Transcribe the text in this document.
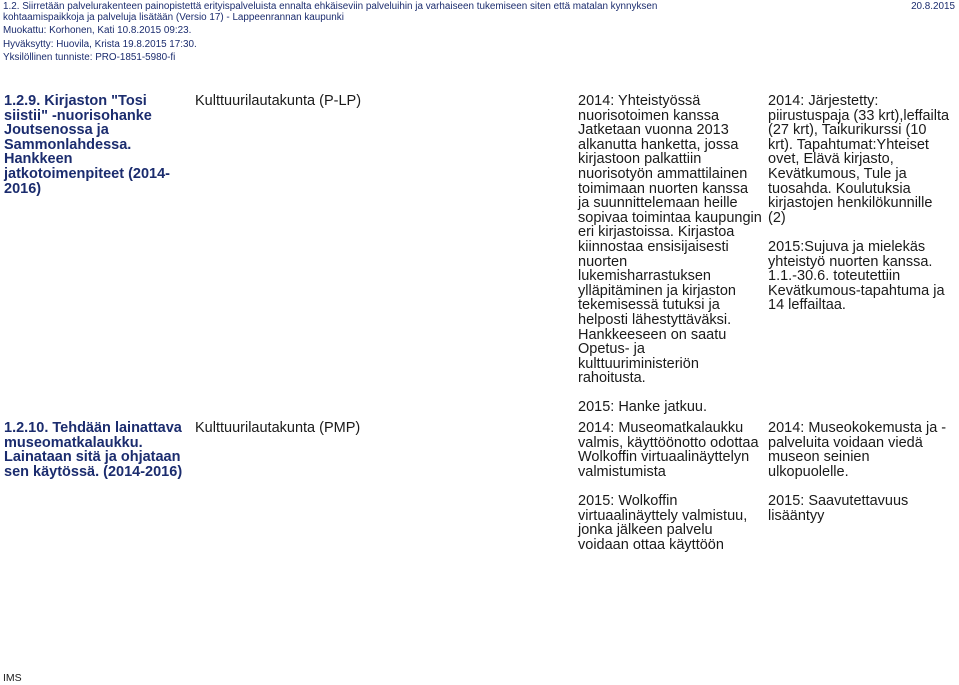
1.2. Siirretään palvelurakenteen painopistettä erityispalveluista ennalta ehkäiseviin palveluihin ja varhaiseen tukemiseen siten että matalan kynnyksen
kohtaamispaikkoja ja palveluja lisätään (Versio 17) - Lappeenrannan kaupunki
20.8.2015
Muokattu: Korhonen, Kati 10.8.2015 09:23.
Hyväksytty: Huovila, Krista 19.8.2015 17:30.
Yksilöllinen tunniste: PRO-1851-5980-fi
1.2.9. Kirjaston "Tosi
siistii" -nuorisohanke
Joutsenossa ja
Sammonlahdessa.
Hankkeen
jatkotoimenpiteet (2014-
2016)
Kulttuurilautakunta (P-LP)	2014: Yhteistyössä
nuorisotoimen kanssa
Jatketaan vuonna 2013
alkanutta hanketta, jossa
kirjastoon palkattiin
nuorisotyön ammattilainen
toimimaan nuorten kanssa
ja suunnittelemaan heille
sopivaa toimintaa kaupungin
eri kirjastoissa. Kirjastoa
kiinnostaa ensisijaisesti
nuorten
lukemisharrastuksen
ylläpitäminen ja kirjaston
tekemisessä tutuksi ja
helposti lähestyttäväksi.
Hankkeeseen on saatu
Opetus- ja
kulttuuriministeriön
rahoitusta.

2015: Hanke jatkuu.

2014: Järjestetty:
piirustuspaja (33 krt),leffailta
(27 krt), Taikurikurssi (10
krt). Tapahtumat:Yhteiset
ovet, Elävä kirjasto,
Kevätkumous, Tule ja
tuosahda. Koulutuksia
kirjastojen henkilökunnille
(2)

2015:Sujuva ja mielekäs
yhteistyö nuorten kanssa.
1.1.-30.6. toteutettiin
Kevätkumous-tapahtuma ja
14 leffailtaa.

1.2.10. Tehdään lainattava
museomatkalaukku.
Lainataan sitä ja ohjataan
sen käytössä. (2014-2016)
Kulttuurilautakunta (PMP)	2014: Museomatkalaukku
valmis, käyttöönotto odottaa
Wolkoffin virtuaalinäyttelyn
valmistumista

2015: Wolkoffin
virtuaalinäyttely valmistuu,
jonka jälkeen palvelu
voidaan ottaa käyttöön

2014: Museokokemusta ja -
palveluita voidaan viedä
museon seinien
ulkopuolelle.

2015: Saavutettavuus
lisääntyy

IMS
